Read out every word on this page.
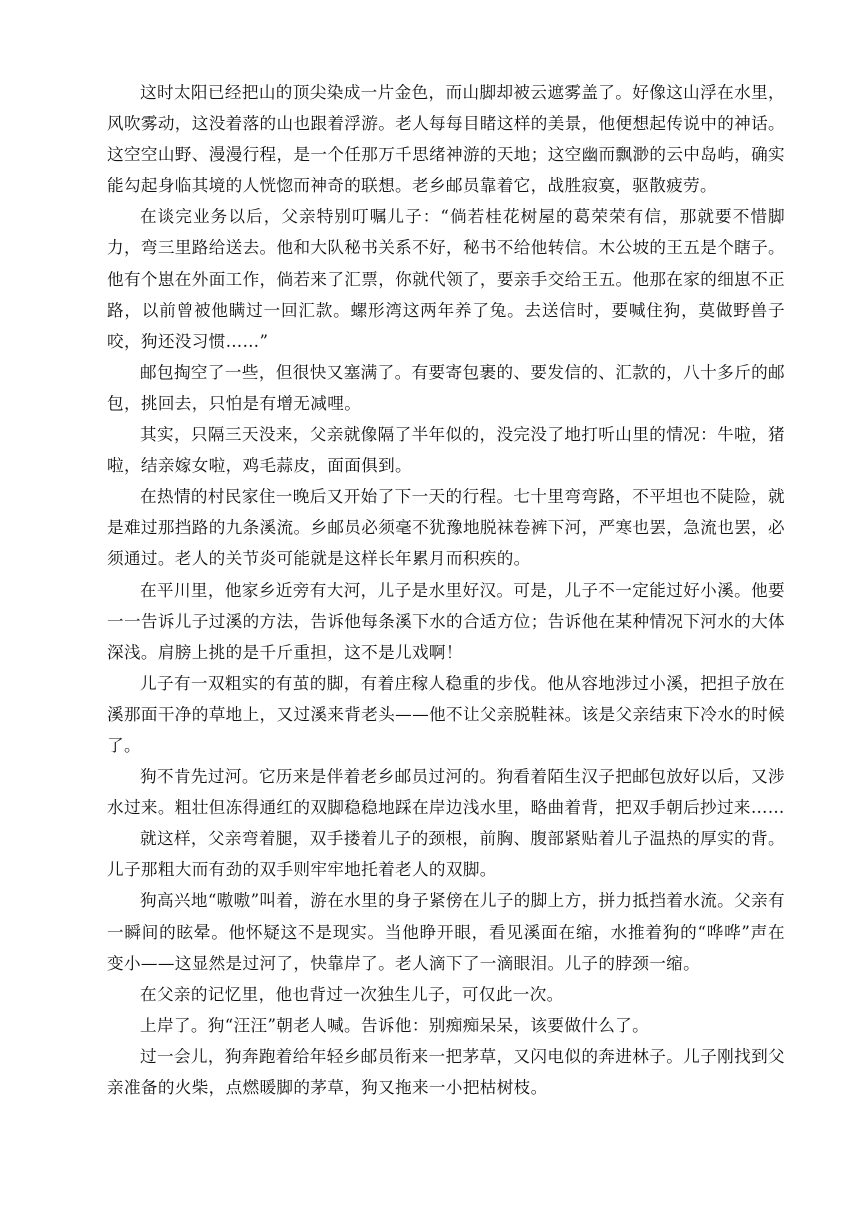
这时太阳已经把山的顶尖染成一片金色，而山脚却被云遮雾盖了。好像这山浮在水里，风吹雾动，这没着落的山也跟着浮游。老人每每目睹这样的美景，他便想起传说中的神话。这空空山野、漫漫行程，是一个任那万千思绪神游的天地；这空幽而飘渺的云中岛屿，确实能勾起身临其境的人恍惚而神奇的联想。老乡邮员靠着它，战胜寂寞，驱散疲劳。

在谈完业务以后，父亲特别叮嘱儿子：“倘若桂花树屋的葛荣荣有信，那就要不惜脚力，弯三里路给送去。他和大队秘书关系不好，秘书不给他转信。木公坡的王五是个瞎子。他有个崽在外面工作，倘若来了汇票，你就代领了，要亲手交给王五。他那在家的细崽不正路，以前曾被他瞒过一回汇款。螺形湾这两年养了兔。去送信时，要喊住狗，莫做野兽子咬，狗还没习惯……”

邮包掏空了一些，但很快又塞满了。有要寄包裹的、要发信的、汇款的，八十多斤的邮包，挑回去，只怕是有增无减哩。

其实，只隔三天没来，父亲就像隔了半年似的，没完没了地打听山里的情况：牛啦，猪啦，结亲嫁女啦，鸡毛蒜皮，面面俱到。

在热情的村民家住一晚后又开始了下一天的行程。七十里弯弯路，不平坦也不陡险，就是难过那挡路的九条溪流。乡邮员必须毫不犹豫地脱袜卷裤下河，严寒也罢，急流也罢，必须通过。老人的关节炎可能就是这样长年累月而积疾的。

在平川里，他家乡近旁有大河，儿子是水里好汉。可是，儿子不一定能过好小溪。他要一一告诉儿子过溪的方法，告诉他每条溪下水的合适方位；告诉他在某种情况下河水的大体深浅。肩膀上挑的是千斤重担，这不是儿戏啊！

儿子有一双粗实的有茧的脚，有着庄稼人稳重的步伐。他从容地涉过小溪，把担子放在溪那面干净的草地上，又过溪来背老头——他不让父亲脱鞋袜。该是父亲结束下冷水的时候了。

狗不肯先过河。它历来是伴着老乡邮员过河的。狗看着陌生汉子把邮包放好以后，又涉水过来。粗壮但冻得通红的双脚稳稳地踩在岸边浅水里，略曲着背，把双手朝后抄过来……

就这样，父亲弯着腿，双手搂着儿子的颈根，前胸、腹部紧贴着儿子温热的厚实的背。儿子那粗大而有劲的双手则牢牢地托着老人的双脚。

狗高兴地“嗷嗷”叫着，游在水里的身子紧傍在儿子的脚上方，拼力抵挡着水流。父亲有一瞬间的眩晕。他怀疑这不是现实。当他睁开眼，看见溪面在缩，水推着狗的“哗哗”声在变小——这显然是过河了，快靠岸了。老人滴下了一滴眼泪。儿子的脖颈一缩。

在父亲的记忆里，他也背过一次独生儿子，可仅此一次。

上岸了。狗“汪汪”朝老人喊。告诉他：别痴痴呆呆，该要做什么了。

过一会儿，狗奔跑着给年轻乡邮员衔来一把茅草，又闪电似的奔进林子。儿子刚找到父亲准备的火柴，点燃暖脚的茅草，狗又拖来一小把枯树枝。
